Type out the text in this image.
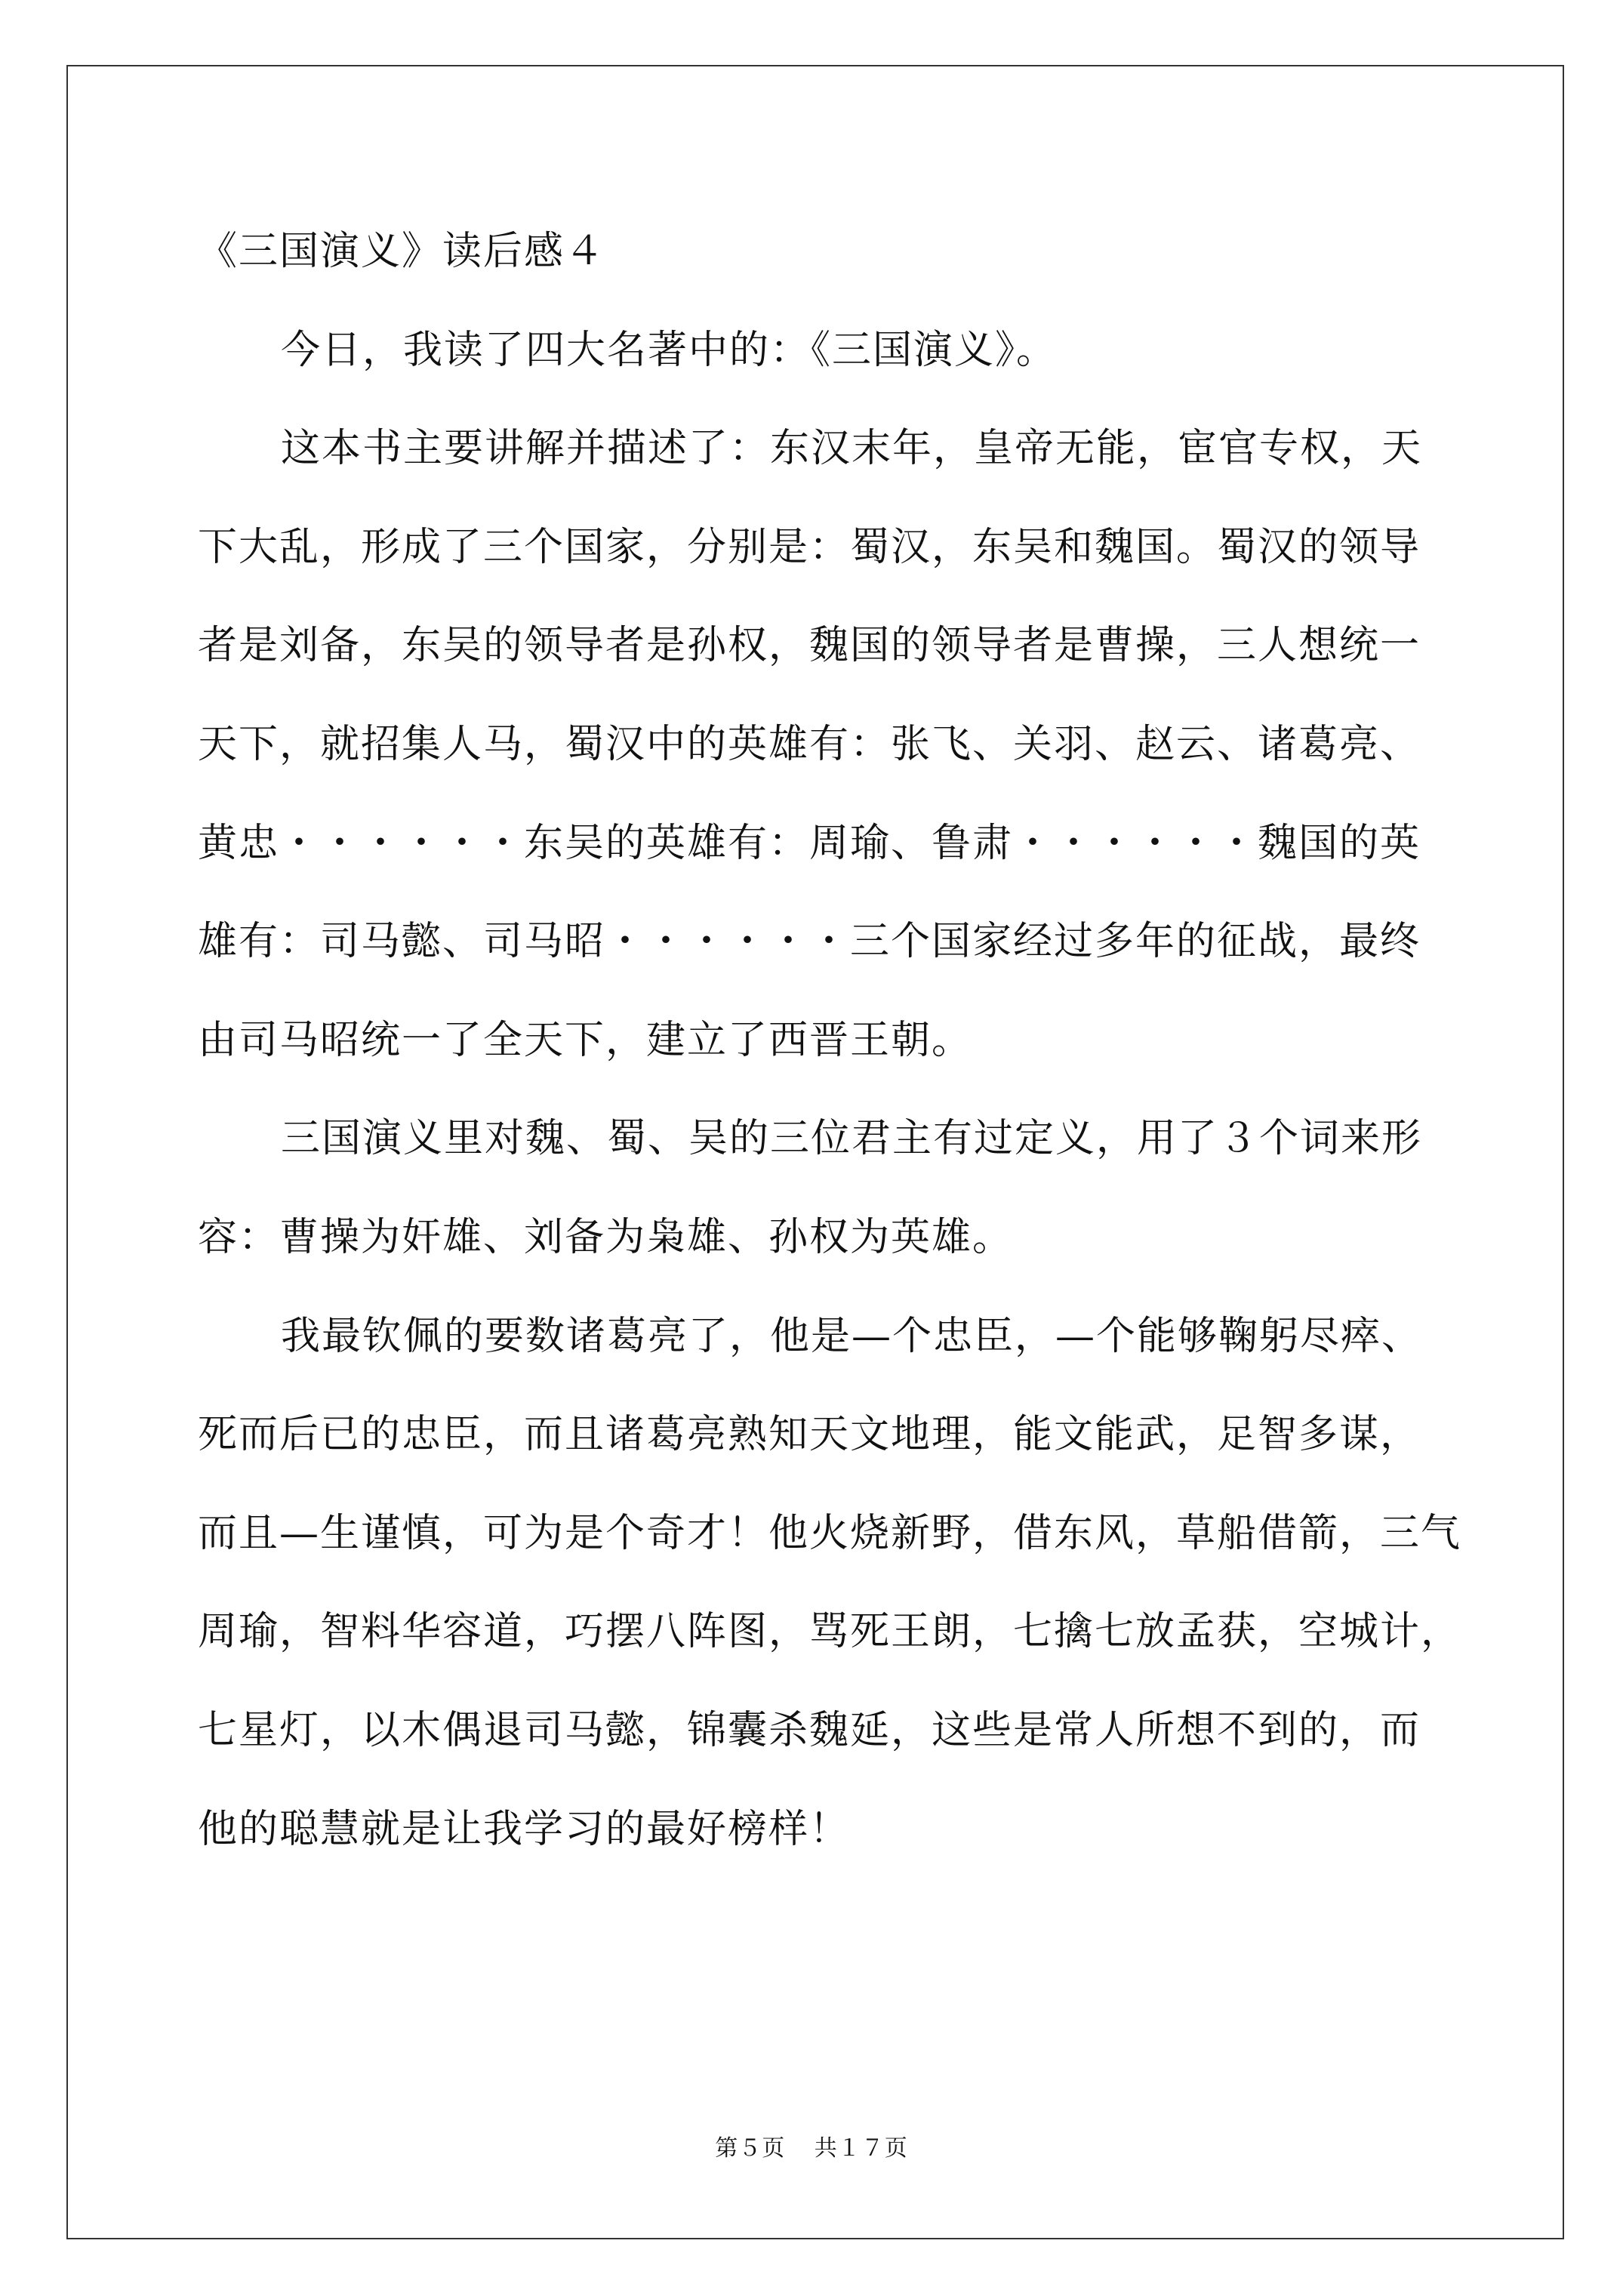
《三国演义》读后感４
今日，我读了四大名著中的：《三国演义》。
这本书主要讲解并描述了：东汉末年，皇帝无能，宦官专权，天
下大乱，形成了三个国家，分别是：蜀汉，东吴和魏国。蜀汉的领导
者是刘备，东吴的领导者是孙权，魏国的领导者是曹操，三人想统一
天下，就招集人马，蜀汉中的英雄有：张飞、关羽、赵云、诸葛亮、
黄忠・・・・・・东吴的英雄有：周瑜、鲁肃・・・・・・魏国的英
雄有：司马懿、司马昭・・・・・・三个国家经过多年的征战，最终
由司马昭统一了全天下，建立了西晋王朝。
三国演义里对魏、蜀、吴的三位君主有过定义，用了３个词来形
容：曹操为奸雄、刘备为枭雄、孙权为英雄。
我最钦佩的要数诸葛亮了，他是—个忠臣，—个能够鞠躬尽瘁、
死而后已的忠臣，而且诸葛亮熟知天文地理，能文能武，足智多谋，
而且—生谨慎，可为是个奇才！他火烧新野，借东风，草船借箭，三气
周瑜，智料华容道，巧摆八阵图，骂死王朗，七擒七放孟获，空城计，
七星灯，以木偶退司马懿，锦囊杀魏延，这些是常人所想不到的，而
他的聪慧就是让我学习的最好榜样！
第５页 共１７页
